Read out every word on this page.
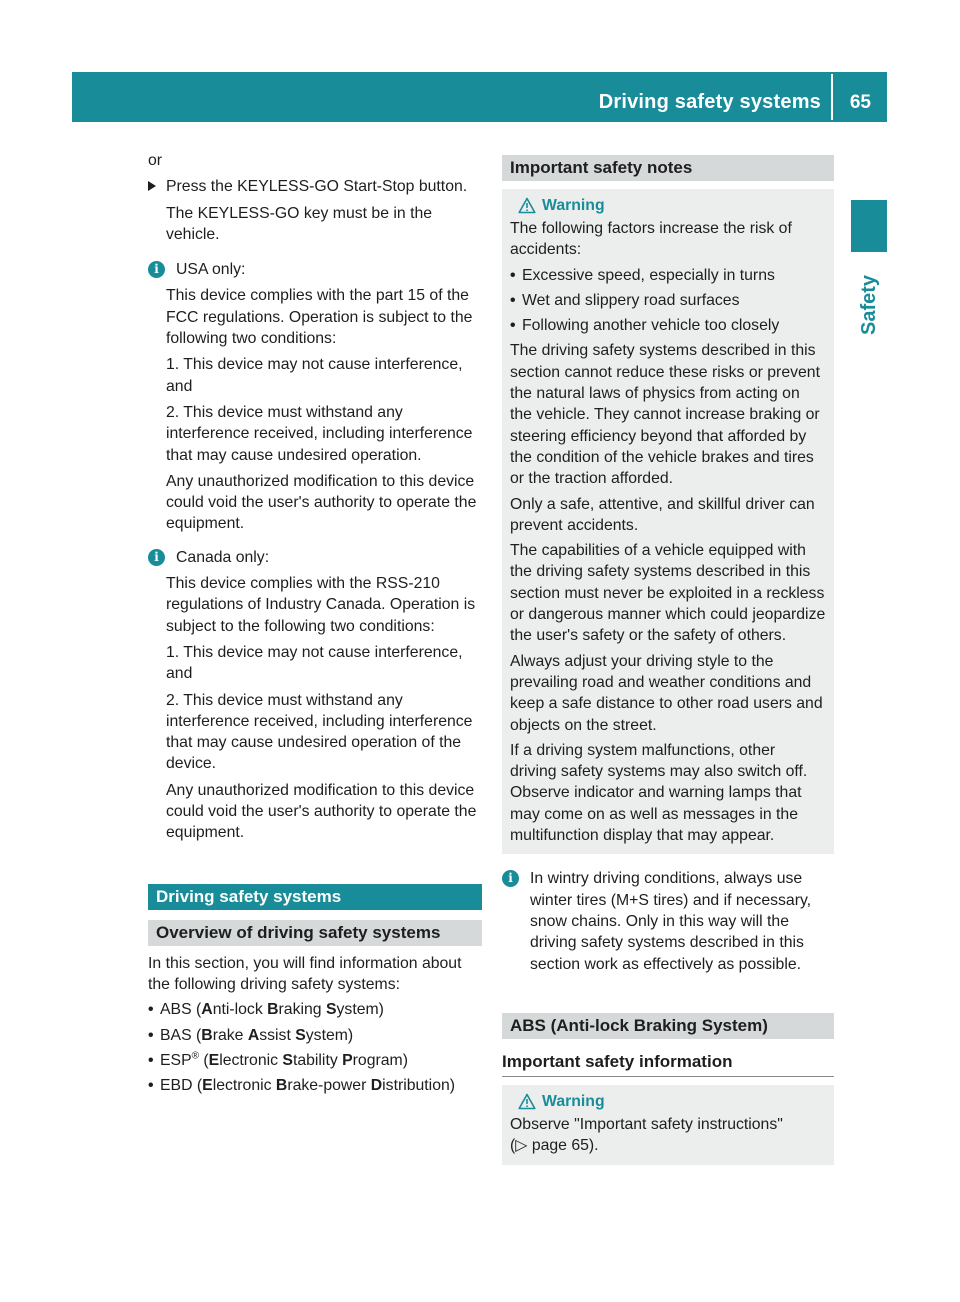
Driving safety systems 65
Safety
or
Press the KEYLESS-GO Start-Stop button.
The KEYLESS-GO key must be in the vehicle.
i	USA only:
This device complies with the part 15 of the FCC regulations. Operation is subject to the following two conditions:
1. This device may not cause interference, and
2. This device must withstand any interference received, including interference that may cause undesired operation.
Any unauthorized modification to this device could void the user's authority to operate the equipment.
i	Canada only:
This device complies with the RSS-210 regulations of Industry Canada. Operation is subject to the following two conditions:
1. This device may not cause interference, and
2. This device must withstand any interference received, including interference that may cause undesired operation of the device.
Any unauthorized modification to this device could void the user's authority to operate the equipment.
Driving safety systems
Overview of driving safety systems
In this section, you will find information about the following driving safety systems:
• ABS (Anti-lock Braking System)
• BAS (Brake Assist System)
• ESP® (Electronic Stability Program)
• EBD (Electronic Brake-power Distribution)
Important safety notes
Warning
The following factors increase the risk of accidents:
• Excessive speed, especially in turns
• Wet and slippery road surfaces
• Following another vehicle too closely
The driving safety systems described in this section cannot reduce these risks or prevent the natural laws of physics from acting on the vehicle. They cannot increase braking or steering efficiency beyond that afforded by the condition of the vehicle brakes and tires or the traction afforded.
Only a safe, attentive, and skillful driver can prevent accidents.
The capabilities of a vehicle equipped with the driving safety systems described in this section must never be exploited in a reckless or dangerous manner which could jeopardize the user's safety or the safety of others.
Always adjust your driving style to the prevailing road and weather conditions and keep a safe distance to other road users and objects on the street.
If a driving system malfunctions, other driving safety systems may also switch off. Observe indicator and warning lamps that may come on as well as messages in the multifunction display that may appear.
i	In wintry driving conditions, always use winter tires (M+S tires) and if necessary, snow chains. Only in this way will the driving safety systems described in this section work as effectively as possible.
ABS (Anti-lock Braking System)
Important safety information
Warning
Observe "Important safety instructions"
(▷ page 65).
